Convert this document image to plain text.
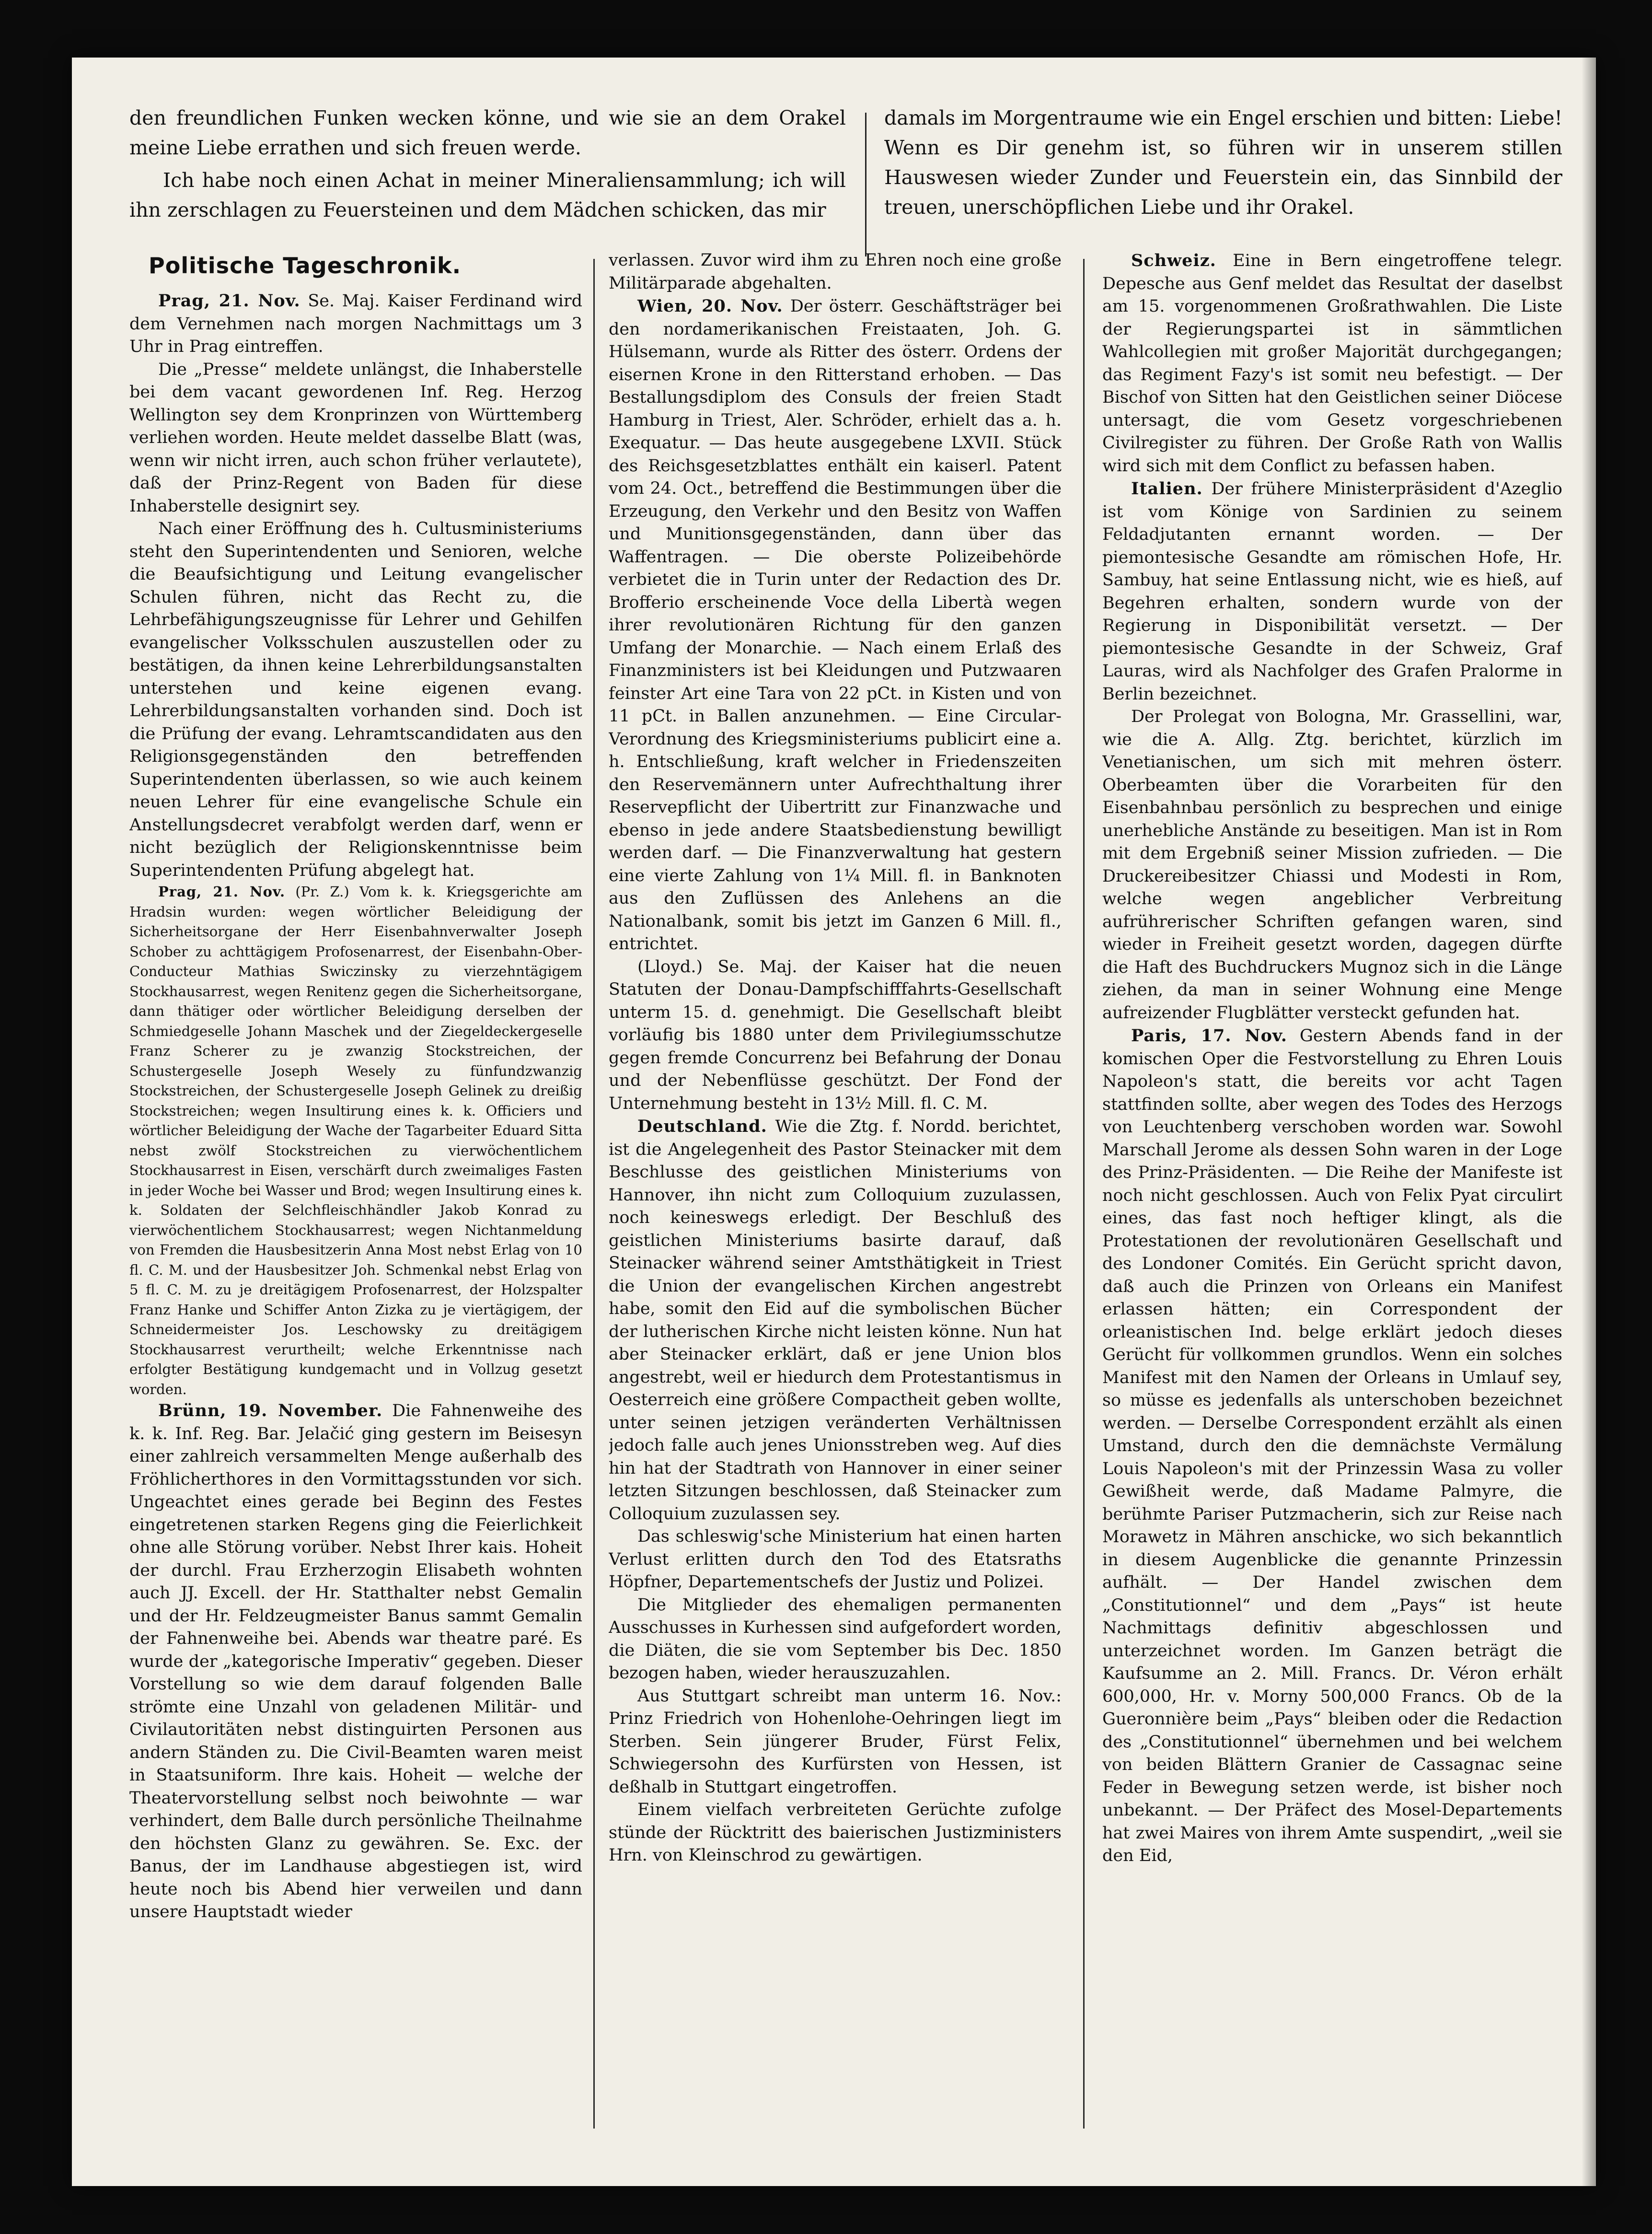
den freundlichen Funken wecken könne, und wie sie an dem Orakel meine Liebe errathen und sich freuen werde.

Ich habe noch einen Achat in meiner Mineraliensammlung; ich will ihn zerschlagen zu Feuersteinen und dem Mädchen schicken, das mir

damals im Morgentraume wie ein Engel erschien und bitten: Liebe! Wenn es Dir genehm ist, so führen wir in unserem stillen Hauswesen wieder Zunder und Feuerstein ein, das Sinnbild der treuen, unerschöpflichen Liebe und ihr Orakel.

Politische Tageschronik.

Prag, 21. Nov. Se. Maj. Kaiser Ferdinand wird dem Vernehmen nach morgen Nachmittags um 3 Uhr in Prag eintreffen.

Die „Presse“ meldete unlängst, die Inhaberstelle bei dem vacant gewordenen Inf. Reg. Herzog Wellington sey dem Kronprinzen von Württemberg verliehen worden. Heute meldet dasselbe Blatt (was, wenn wir nicht irren, auch schon früher verlautete), daß der Prinz-Regent von Baden für diese Inhaberstelle designirt sey.

Nach einer Eröffnung des h. Cultusministeriums steht den Superintendenten und Senioren, welche die Beaufsichtigung und Leitung evangelischer Schulen führen, nicht das Recht zu, die Lehrbefähigungszeugnisse für Lehrer und Gehilfen evangelischer Volksschulen auszustellen oder zu bestätigen, da ihnen keine Lehrerbildungsanstalten unterstehen und keine eigenen evang. Lehrerbildungsanstalten vorhanden sind. Doch ist die Prüfung der evang. Lehramtscandidaten aus den Religionsgegenständen den betreffenden Superintendenten überlassen, so wie auch keinem neuen Lehrer für eine evangelische Schule ein Anstellungsdecret verabfolgt werden darf, wenn er nicht bezüglich der Religionskenntnisse beim Superintendenten Prüfung abgelegt hat.

Prag, 21. Nov. (Pr. Z.) Vom k. k. Kriegsgerichte am Hradsin wurden: wegen wörtlicher Beleidigung der Sicherheitsorgane der Herr Eisenbahnverwalter Joseph Schober zu achttägigem Profosenarrest, der Eisenbahn-Ober-Conducteur Mathias Swiczinsky zu vierzehntägigem Stockhausarrest, wegen Renitenz gegen die Sicherheitsorgane, dann thätiger oder wörtlicher Beleidigung derselben der Schmiedgeselle Johann Maschek und der Ziegeldeckergeselle Franz Scherer zu je zwanzig Stockstreichen, der Schustergeselle Joseph Wesely zu fünfundzwanzig Stockstreichen, der Schustergeselle Joseph Gelinek zu dreißig Stockstreichen; wegen Insultirung eines k. k. Officiers und wörtlicher Beleidigung der Wache der Tagarbeiter Eduard Sitta nebst zwölf Stockstreichen zu vierwöchentlichem Stockhausarrest in Eisen, verschärft durch zweimaliges Fasten in jeder Woche bei Wasser und Brod; wegen Insultirung eines k. k. Soldaten der Selchfleischhändler Jakob Konrad zu vierwöchentlichem Stockhausarrest; wegen Nichtanmeldung von Fremden die Hausbesitzerin Anna Most nebst Erlag von 10 fl. C. M. und der Hausbesitzer Joh. Schmenkal nebst Erlag von 5 fl. C. M. zu je dreitägigem Profosenarrest, der Holzspalter Franz Hanke und Schiffer Anton Zizka zu je viertägigem, der Schneidermeister Jos. Leschowsky zu dreitägigem Stockhausarrest verurtheilt; welche Erkenntnisse nach erfolgter Bestätigung kundgemacht und in Vollzug gesetzt worden.

Brünn, 19. November. Die Fahnenweihe des k. k. Inf. Reg. Bar. Jelačić ging gestern im Beisesyn einer zahlreich versammelten Menge außerhalb des Fröhlicherthores in den Vormittagsstunden vor sich. Ungeachtet eines gerade bei Beginn des Festes eingetretenen starken Regens ging die Feierlichkeit ohne alle Störung vorüber. Nebst Ihrer kais. Hoheit der durchl. Frau Erzherzogin Elisabeth wohnten auch JJ. Excell. der Hr. Statthalter nebst Gemalin und der Hr. Feldzeugmeister Banus sammt Gemalin der Fahnenweihe bei. Abends war theatre paré. Es wurde der „kategorische Imperativ“ gegeben. Dieser Vorstellung so wie dem darauf folgenden Balle strömte eine Unzahl von geladenen Militär- und Civilautoritäten nebst distinguirten Personen aus andern Ständen zu. Die Civil-Beamten waren meist in Staatsuniform. Ihre kais. Hoheit — welche der Theatervorstellung selbst noch beiwohnte — war verhindert, dem Balle durch persönliche Theilnahme den höchsten Glanz zu gewähren. Se. Exc. der Banus, der im Landhause abgestiegen ist, wird heute noch bis Abend hier verweilen und dann unsere Hauptstadt wieder

verlassen. Zuvor wird ihm zu Ehren noch eine große Militärparade abgehalten.

Wien, 20. Nov. Der österr. Geschäftsträger bei den nordamerikanischen Freistaaten, Joh. G. Hülsemann, wurde als Ritter des österr. Ordens der eisernen Krone in den Ritterstand erhoben. — Das Bestallungsdiplom des Consuls der freien Stadt Hamburg in Triest, Aler. Schröder, erhielt das a. h. Exequatur. — Das heute ausgegebene LXVII. Stück des Reichsgesetzblattes enthält ein kaiserl. Patent vom 24. Oct., betreffend die Bestimmungen über die Erzeugung, den Verkehr und den Besitz von Waffen und Munitionsgegenständen, dann über das Waffentragen. — Die oberste Polizeibehörde verbietet die in Turin unter der Redaction des Dr. Brofferio erscheinende Voce della Libertà wegen ihrer revolutionären Richtung für den ganzen Umfang der Monarchie. — Nach einem Erlaß des Finanzministers ist bei Kleidungen und Putzwaaren feinster Art eine Tara von 22 pCt. in Kisten und von 11 pCt. in Ballen anzunehmen. — Eine Circular-Verordnung des Kriegsministeriums publicirt eine a. h. Entschließung, kraft welcher in Friedenszeiten den Reservemännern unter Aufrechthaltung ihrer Reservepflicht der Uibertritt zur Finanzwache und ebenso in jede andere Staatsbedienstung bewilligt werden darf. — Die Finanzverwaltung hat gestern eine vierte Zahlung von 1¼ Mill. fl. in Banknoten aus den Zuflüssen des Anlehens an die Nationalbank, somit bis jetzt im Ganzen 6 Mill. fl., entrichtet.

(Lloyd.) Se. Maj. der Kaiser hat die neuen Statuten der Donau-Dampfschifffahrts-Gesellschaft unterm 15. d. genehmigt. Die Gesellschaft bleibt vorläufig bis 1880 unter dem Privilegiumsschutze gegen fremde Concurrenz bei Befahrung der Donau und der Nebenflüsse geschützt. Der Fond der Unternehmung besteht in 13½ Mill. fl. C. M.

Deutschland. Wie die Ztg. f. Nordd. berichtet, ist die Angelegenheit des Pastor Steinacker mit dem Beschlusse des geistlichen Ministeriums von Hannover, ihn nicht zum Colloquium zuzulassen, noch keineswegs erledigt. Der Beschluß des geistlichen Ministeriums basirte darauf, daß Steinacker während seiner Amtsthätigkeit in Triest die Union der evangelischen Kirchen angestrebt habe, somit den Eid auf die symbolischen Bücher der lutherischen Kirche nicht leisten könne. Nun hat aber Steinacker erklärt, daß er jene Union blos angestrebt, weil er hiedurch dem Protestantismus in Oesterreich eine größere Compactheit geben wollte, unter seinen jetzigen veränderten Verhältnissen jedoch falle auch jenes Unionsstreben weg. Auf dies hin hat der Stadtrath von Hannover in einer seiner letzten Sitzungen beschlossen, daß Steinacker zum Colloquium zuzulassen sey.

Das schleswig'sche Ministerium hat einen harten Verlust erlitten durch den Tod des Etatsraths Höpfner, Departementschefs der Justiz und Polizei.

Die Mitglieder des ehemaligen permanenten Ausschusses in Kurhessen sind aufgefordert worden, die Diäten, die sie vom September bis Dec. 1850 bezogen haben, wieder herauszuzahlen.

Aus Stuttgart schreibt man unterm 16. Nov.: Prinz Friedrich von Hohenlohe-Oehringen liegt im Sterben. Sein jüngerer Bruder, Fürst Felix, Schwiegersohn des Kurfürsten von Hessen, ist deßhalb in Stuttgart eingetroffen.

Einem vielfach verbreiteten Gerüchte zufolge stünde der Rücktritt des baierischen Justizministers Hrn. von Kleinschrod zu gewärtigen.

Schweiz. Eine in Bern eingetroffene telegr. Depesche aus Genf meldet das Resultat der daselbst am 15. vorgenommenen Großrathwahlen. Die Liste der Regierungspartei ist in sämmtlichen Wahlcollegien mit großer Majorität durchgegangen; das Regiment Fazy's ist somit neu befestigt. — Der Bischof von Sitten hat den Geistlichen seiner Diöcese untersagt, die vom Gesetz vorgeschriebenen Civilregister zu führen. Der Große Rath von Wallis wird sich mit dem Conflict zu befassen haben.

Italien. Der frühere Ministerpräsident d'Azeglio ist vom Könige von Sardinien zu seinem Feldadjutanten ernannt worden. — Der piemontesische Gesandte am römischen Hofe, Hr. Sambuy, hat seine Entlassung nicht, wie es hieß, auf Begehren erhalten, sondern wurde von der Regierung in Disponibilität versetzt. — Der piemontesische Gesandte in der Schweiz, Graf Lauras, wird als Nachfolger des Grafen Pralorme in Berlin bezeichnet.

Der Prolegat von Bologna, Mr. Grassellini, war, wie die A. Allg. Ztg. berichtet, kürzlich im Venetianischen, um sich mit mehren österr. Oberbeamten über die Vorarbeiten für den Eisenbahnbau persönlich zu besprechen und einige unerhebliche Anstände zu beseitigen. Man ist in Rom mit dem Ergebniß seiner Mission zufrieden. — Die Druckereibesitzer Chiassi und Modesti in Rom, welche wegen angeblicher Verbreitung aufrührerischer Schriften gefangen waren, sind wieder in Freiheit gesetzt worden, dagegen dürfte die Haft des Buchdruckers Mugnoz sich in die Länge ziehen, da man in seiner Wohnung eine Menge aufreizender Flugblätter versteckt gefunden hat.

Paris, 17. Nov. Gestern Abends fand in der komischen Oper die Festvorstellung zu Ehren Louis Napoleon's statt, die bereits vor acht Tagen stattfinden sollte, aber wegen des Todes des Herzogs von Leuchtenberg verschoben worden war. Sowohl Marschall Jerome als dessen Sohn waren in der Loge des Prinz-Präsidenten. — Die Reihe der Manifeste ist noch nicht geschlossen. Auch von Felix Pyat circulirt eines, das fast noch heftiger klingt, als die Protestationen der revolutionären Gesellschaft und des Londoner Comités. Ein Gerücht spricht davon, daß auch die Prinzen von Orleans ein Manifest erlassen hätten; ein Correspondent der orleanistischen Ind. belge erklärt jedoch dieses Gerücht für vollkommen grundlos. Wenn ein solches Manifest mit den Namen der Orleans in Umlauf sey, so müsse es jedenfalls als unterschoben bezeichnet werden. — Derselbe Correspondent erzählt als einen Umstand, durch den die demnächste Vermälung Louis Napoleon's mit der Prinzessin Wasa zu voller Gewißheit werde, daß Madame Palmyre, die berühmte Pariser Putzmacherin, sich zur Reise nach Morawetz in Mähren anschicke, wo sich bekanntlich in diesem Augenblicke die genannte Prinzessin aufhält. — Der Handel zwischen dem „Constitutionnel“ und dem „Pays“ ist heute Nachmittags definitiv abgeschlossen und unterzeichnet worden. Im Ganzen beträgt die Kaufsumme an 2. Mill. Francs. Dr. Véron erhält 600,000, Hr. v. Morny 500,000 Francs. Ob de la Gueronnière beim „Pays“ bleiben oder die Redaction des „Constitutionnel“ übernehmen und bei welchem von beiden Blättern Granier de Cassagnac seine Feder in Bewegung setzen werde, ist bisher noch unbekannt. — Der Präfect des Mosel-Departements hat zwei Maires von ihrem Amte suspendirt, „weil sie den Eid,
